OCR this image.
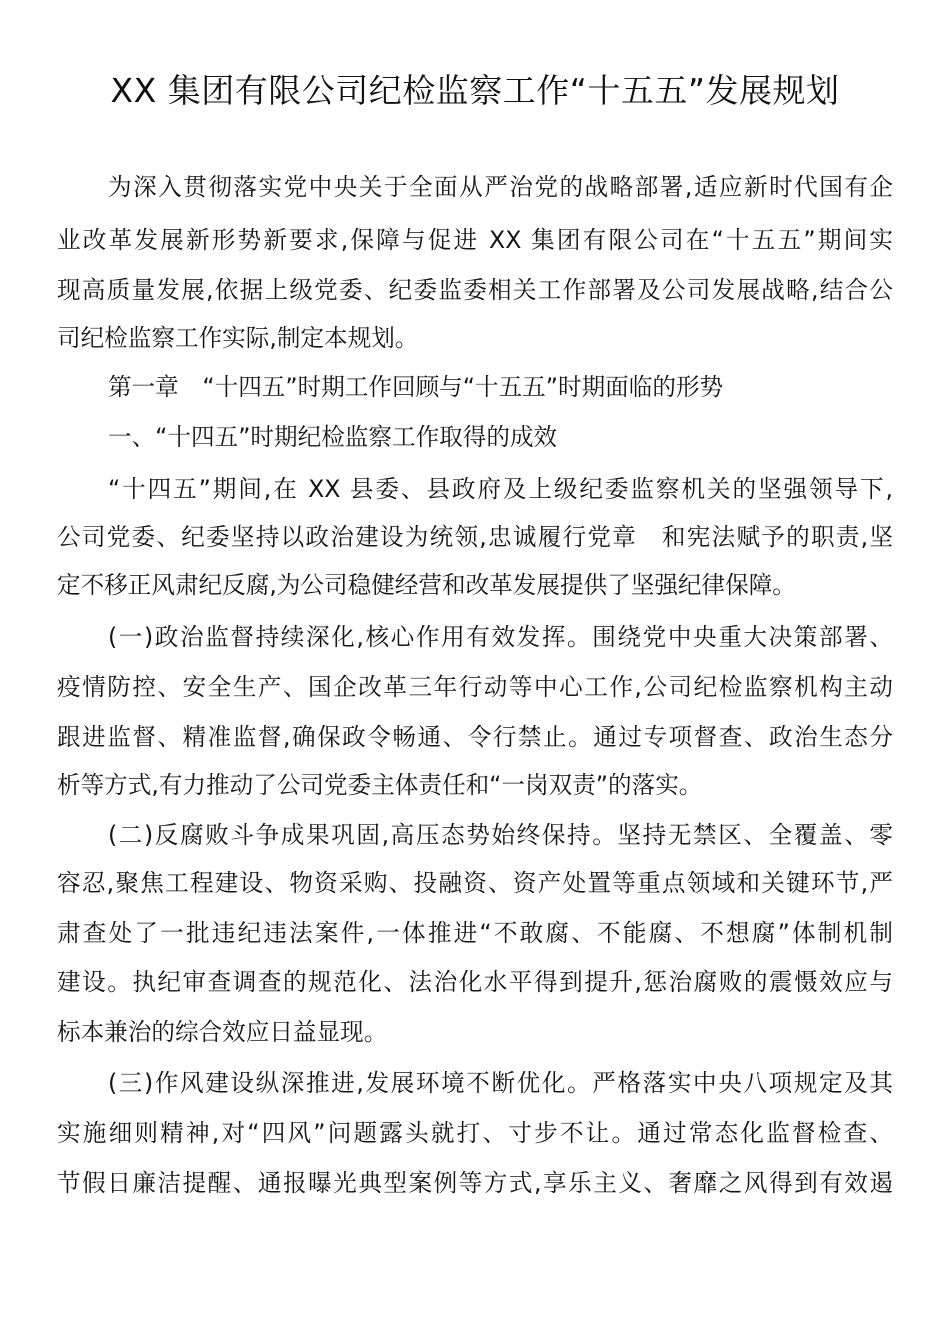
XX 集团有限公司纪检监察工作“十五五”发展规划
为深入贯彻落实党中央关于全面从严治党的战略部署,适应新时代国有企
业改革发展新形势新要求,保障与促进 XX 集团有限公司在“十五五”期间实
现高质量发展,依据上级党委、纪委监委相关工作部署及公司发展战略,结合公
司纪检监察工作实际,制定本规划。
第一章　“十四五”时期工作回顾与“十五五”时期面临的形势
一、“十四五”时期纪检监察工作取得的成效
“十四五”期间,在 XX 县委、县政府及上级纪委监察机关的坚强领导下,
公司党委、纪委坚持以政治建设为统领,忠诚履行党章　和宪法赋予的职责,坚
定不移正风肃纪反腐,为公司稳健经营和改革发展提供了坚强纪律保障。
(一)政治监督持续深化,核心作用有效发挥。围绕党中央重大决策部署、
疫情防控、安全生产、国企改革三年行动等中心工作,公司纪检监察机构主动
跟进监督、精准监督,确保政令畅通、令行禁止。通过专项督查、政治生态分
析等方式,有力推动了公司党委主体责任和“一岗双责”的落实。
(二)反腐败斗争成果巩固,高压态势始终保持。坚持无禁区、全覆盖、零
容忍,聚焦工程建设、物资采购、投融资、资产处置等重点领域和关键环节,严
肃查处了一批违纪违法案件,一体推进“不敢腐、不能腐、不想腐”体制机制
建设。执纪审查调查的规范化、法治化水平得到提升,惩治腐败的震慑效应与
标本兼治的综合效应日益显现。
(三)作风建设纵深推进,发展环境不断优化。严格落实中央八项规定及其
实施细则精神,对“四风”问题露头就打、寸步不让。通过常态化监督检查、
节假日廉洁提醒、通报曝光典型案例等方式,享乐主义、奢靡之风得到有效遏
